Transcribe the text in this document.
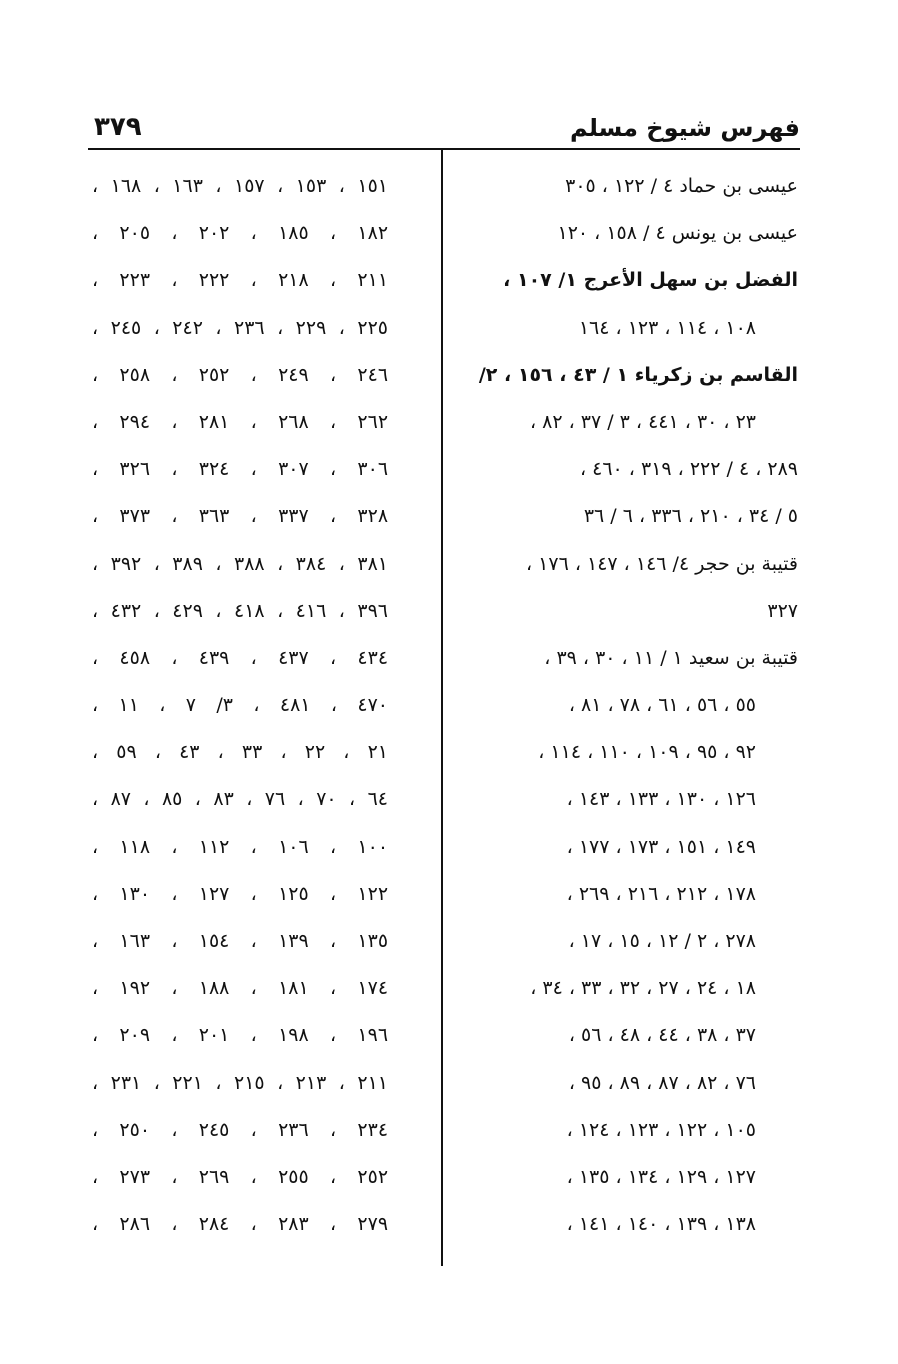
فهرس شيوخ مسلم
٣٧٩
عيسى بن حماد ٤ / ١٢٢ ، ٣٠٥
عيسى بن يونس ٤ / ١٥٨ ، ١٢٠
الفضل بن سهل الأعرج ١/ ١٠٧ ،
١٠٨ ، ١١٤ ، ١٢٣ ، ١٦٤
القاسم بن زكرياء ١ / ٤٣ ، ١٥٦ ، ٢/
٢٣ ، ٣٠ ، ٤٤١ ، ٣ / ٣٧ ، ٨٢ ،
٢٨٩ ، ٤ / ٢٢٢ ، ٣١٩ ، ٤٦٠ ،
٥ / ٣٤ ، ٢١٠ ، ٣٣٦ ، ٦ / ٣٦
قتيبة بن حجر ٤/ ١٤٦ ، ١٤٧ ، ١٧٦ ،
٣٢٧
قتيبة بن سعيد ١ / ١١ ، ٣٠ ، ٣٩ ،
٥٥ ، ٥٦ ، ٦١ ، ٧٨ ، ٨١ ،
٩٢ ، ٩٥ ، ١٠٩ ، ١١٠ ، ١١٤ ،
١٢٦ ، ١٣٠ ، ١٣٣ ، ١٤٣ ،
١٤٩ ، ١٥١ ، ١٧٣ ، ١٧٧ ،
١٧٨ ، ٢١٢ ، ٢١٦ ، ٢٦٩ ،
٢٧٨ ، ٢ / ١٢ ، ١٥ ، ١٧ ،
١٨ ، ٢٤ ، ٢٧ ، ٣٢ ، ٣٣ ، ٣٤ ،
٣٧ ، ٣٨ ، ٤٤ ، ٤٨ ، ٥٦ ،
٧٦ ، ٨٢ ، ٨٧ ، ٨٩ ، ٩٥ ،
١٠٥ ، ١٢٢ ، ١٢٣ ، ١٢٤ ،
١٢٧ ، ١٢٩ ، ١٣٤ ، ١٣٥ ،
١٣٨ ، ١٣٩ ، ١٤٠ ، ١٤١ ،
١٥١ ، ١٥٣ ، ١٥٧ ، ١٦٣ ، ١٦٨ ،
١٨٢ ، ١٨٥ ، ٢٠٢ ، ٢٠٥ ،
٢١١ ، ٢١٨ ، ٢٢٢ ، ٢٢٣ ،
٢٢٥ ، ٢٢٩ ، ٢٣٦ ، ٢٤٢ ، ٢٤٥ ،
٢٤٦ ، ٢٤٩ ، ٢٥٢ ، ٢٥٨ ،
٢٦٢ ، ٢٦٨ ، ٢٨١ ، ٢٩٤ ،
٣٠٦ ، ٣٠٧ ، ٣٢٤ ، ٣٢٦ ،
٣٢٨ ، ٣٣٧ ، ٣٦٣ ، ٣٧٣ ،
٣٨١ ، ٣٨٤ ، ٣٨٨ ، ٣٨٩ ، ٣٩٢ ،
٣٩٦ ، ٤١٦ ، ٤١٨ ، ٤٢٩ ، ٤٣٢ ،
٤٣٤ ، ٤٣٧ ، ٤٣٩ ، ٤٥٨ ،
٤٧٠ ، ٤٨١ ، ٣/ ٧ ، ١١ ،
٢١ ، ٢٢ ، ٣٣ ، ٤٣ ، ٥٩ ،
٦٤ ، ٧٠ ، ٧٦ ، ٨٣ ، ٨٥ ، ٨٧ ،
١٠٠ ، ١٠٦ ، ١١٢ ، ١١٨ ،
١٢٢ ، ١٢٥ ، ١٢٧ ، ١٣٠ ،
١٣٥ ، ١٣٩ ، ١٥٤ ، ١٦٣ ،
١٧٤ ، ١٨١ ، ١٨٨ ، ١٩٢ ،
١٩٦ ، ١٩٨ ، ٢٠١ ، ٢٠٩ ،
٢١١ ، ٢١٣ ، ٢١٥ ، ٢٢١ ، ٢٣١ ،
٢٣٤ ، ٢٣٦ ، ٢٤٥ ، ٢٥٠ ،
٢٥٢ ، ٢٥٥ ، ٢٦٩ ، ٢٧٣ ،
٢٧٩ ، ٢٨٣ ، ٢٨٤ ، ٢٨٦ ،
